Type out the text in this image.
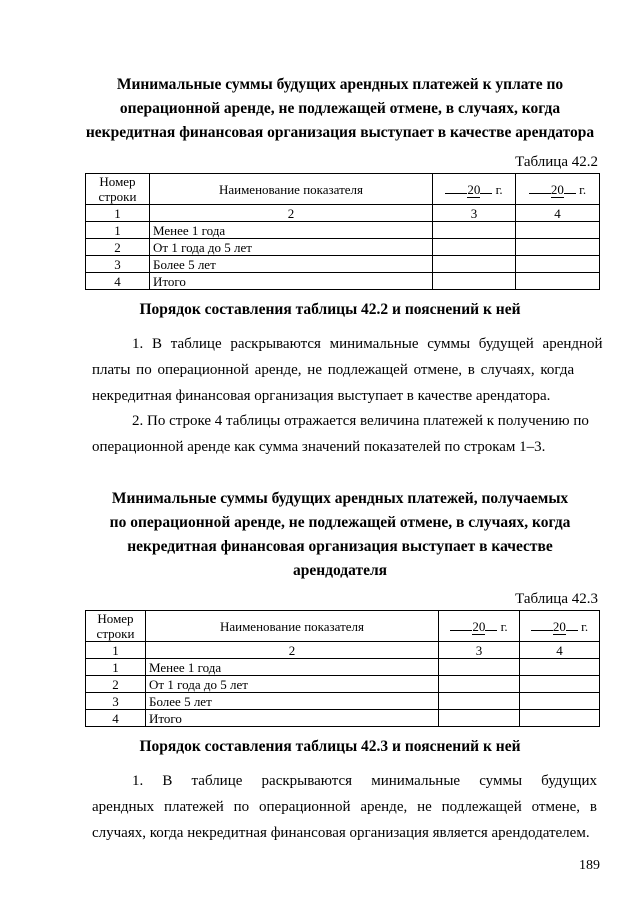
Минимальные суммы будущих арендных платежей к уплате по
операционной аренде, не подлежащей отмене, в случаях, когда
некредитная финансовая организация выступает в качестве арендатора
Таблица 42.2
Номер
строки	Наименование показателя	20 г.	20 г.
1	2	3	4
1	Менее 1 года		
2	От 1 года до 5 лет		
3	Более 5 лет		
4	Итого		
Порядок составления таблицы 42.2 и пояснений к ней
1. В таблице раскрываются минимальные суммы будущей арендной
платы по операционной аренде, не подлежащей отмене, в случаях, когда
некредитная финансовая организация выступает в качестве арендатора.
2. По строке 4 таблицы отражается величина платежей к получению по
операционной аренде как сумма значений показателей по строкам 1–3.
Минимальные суммы будущих арендных платежей, получаемых
по операционной аренде, не подлежащей отмене, в случаях, когда
некредитная финансовая организация выступает в качестве
арендодателя
Таблица 42.3
Номер
строки	Наименование показателя	20 г.	20 г.
1	2	3	4
1	Менее 1 года		
2	От 1 года до 5 лет		
3	Более 5 лет		
4	Итого		
Порядок составления таблицы 42.3 и пояснений к ней
1. В таблице раскрываются минимальные суммы будущих
арендных платежей по операционной аренде, не подлежащей отмене, в
случаях, когда некредитная финансовая организация является арендодателем.
189
